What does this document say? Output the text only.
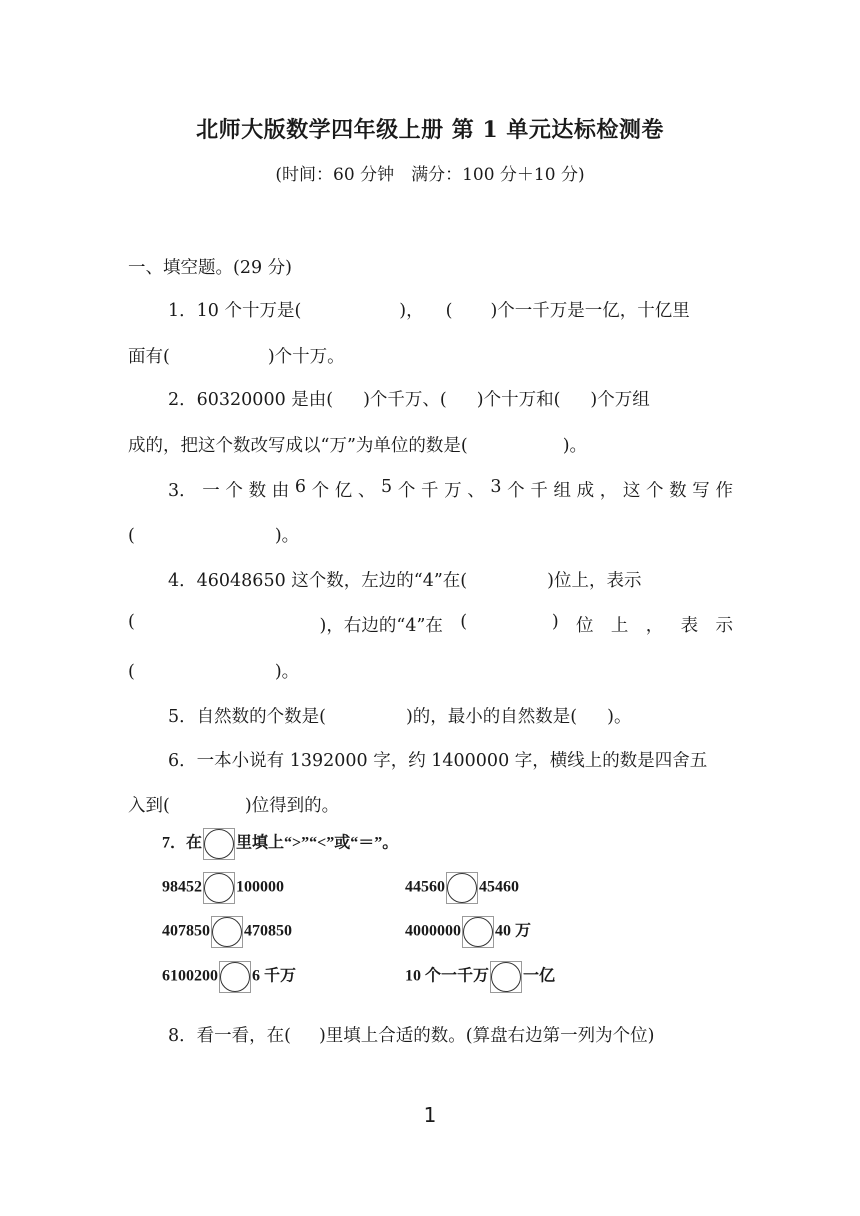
北师大版数学四年级上册 第 1 单元达标检测卷
(时间：60 分钟　满分：100 分＋10 分)
一、填空题。(29 分)
1．10 个十万是(	)， ( )个一千万是一亿，十亿里
面有(	)个十万。
2．60320000 是由( )个千万、( )个十万和( )个万组
成的，把这个数改写成以“万”为单位的数是(	)。
3． 一 个 数 由 6 个 亿 、 5 个 千 万 、 3 个 千 组 成 ， 这 个 数 写 作
(	)。
4．46048650 这个数，左边的“4”在(	)位上，表示
(	)，右边的“4”在 (	) 位 上 ， 表 示
(	)。
5．自然数的个数是(	)的，最小的自然数是( )。
6．一本小说有 1392000 字，约 1400000 字，横线上的数是四舍五
入到(	)位得到的。
7．在 里填上“>”“<”或“＝”。
98452 100000	44560 45460
407850 470850	4000000 40 万
6100200 6 千万	10 个一千万 一亿
8．看一看，在( )里填上合适的数。(算盘右边第一列为个位)
1
